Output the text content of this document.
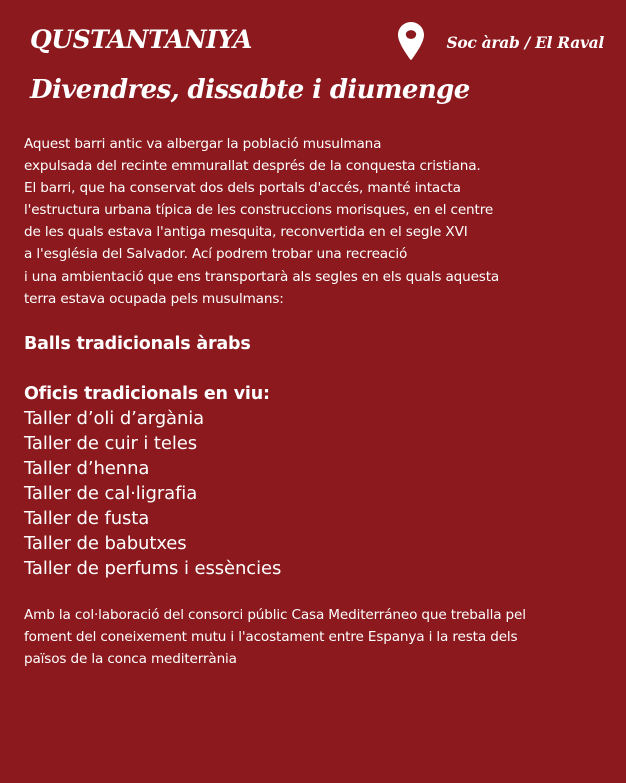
QUSTANTANIYA	Soc àrab / El Raval
Divendres, dissabte i diumenge
Aquest barri antic va albergar la població musulmana
expulsada del recinte emmurallat després de la conquesta cristiana.
El barri, que ha conservat dos dels portals d'accés, manté intacta
l'estructura urbana típica de les construccions morisques, en el centre
de les quals estava l'antiga mesquita, reconvertida en el segle XVI
a l'església del Salvador. Ací podrem trobar una recreació
i una ambientació que ens transportarà als segles en els quals aquesta
terra estava ocupada pels musulmans:
Balls tradicionals àrabs
Oficis tradicionals en viu:
Taller d’oli d’argània
Taller de cuir i teles
Taller d’henna
Taller de cal·ligrafia
Taller de fusta
Taller de babutxes
Taller de perfums i essències
Amb la col·laboració del consorci públic Casa Mediterráneo que treballa pel
foment del coneixement mutu i l'acostament entre Espanya i la resta dels
països de la conca mediterrània
